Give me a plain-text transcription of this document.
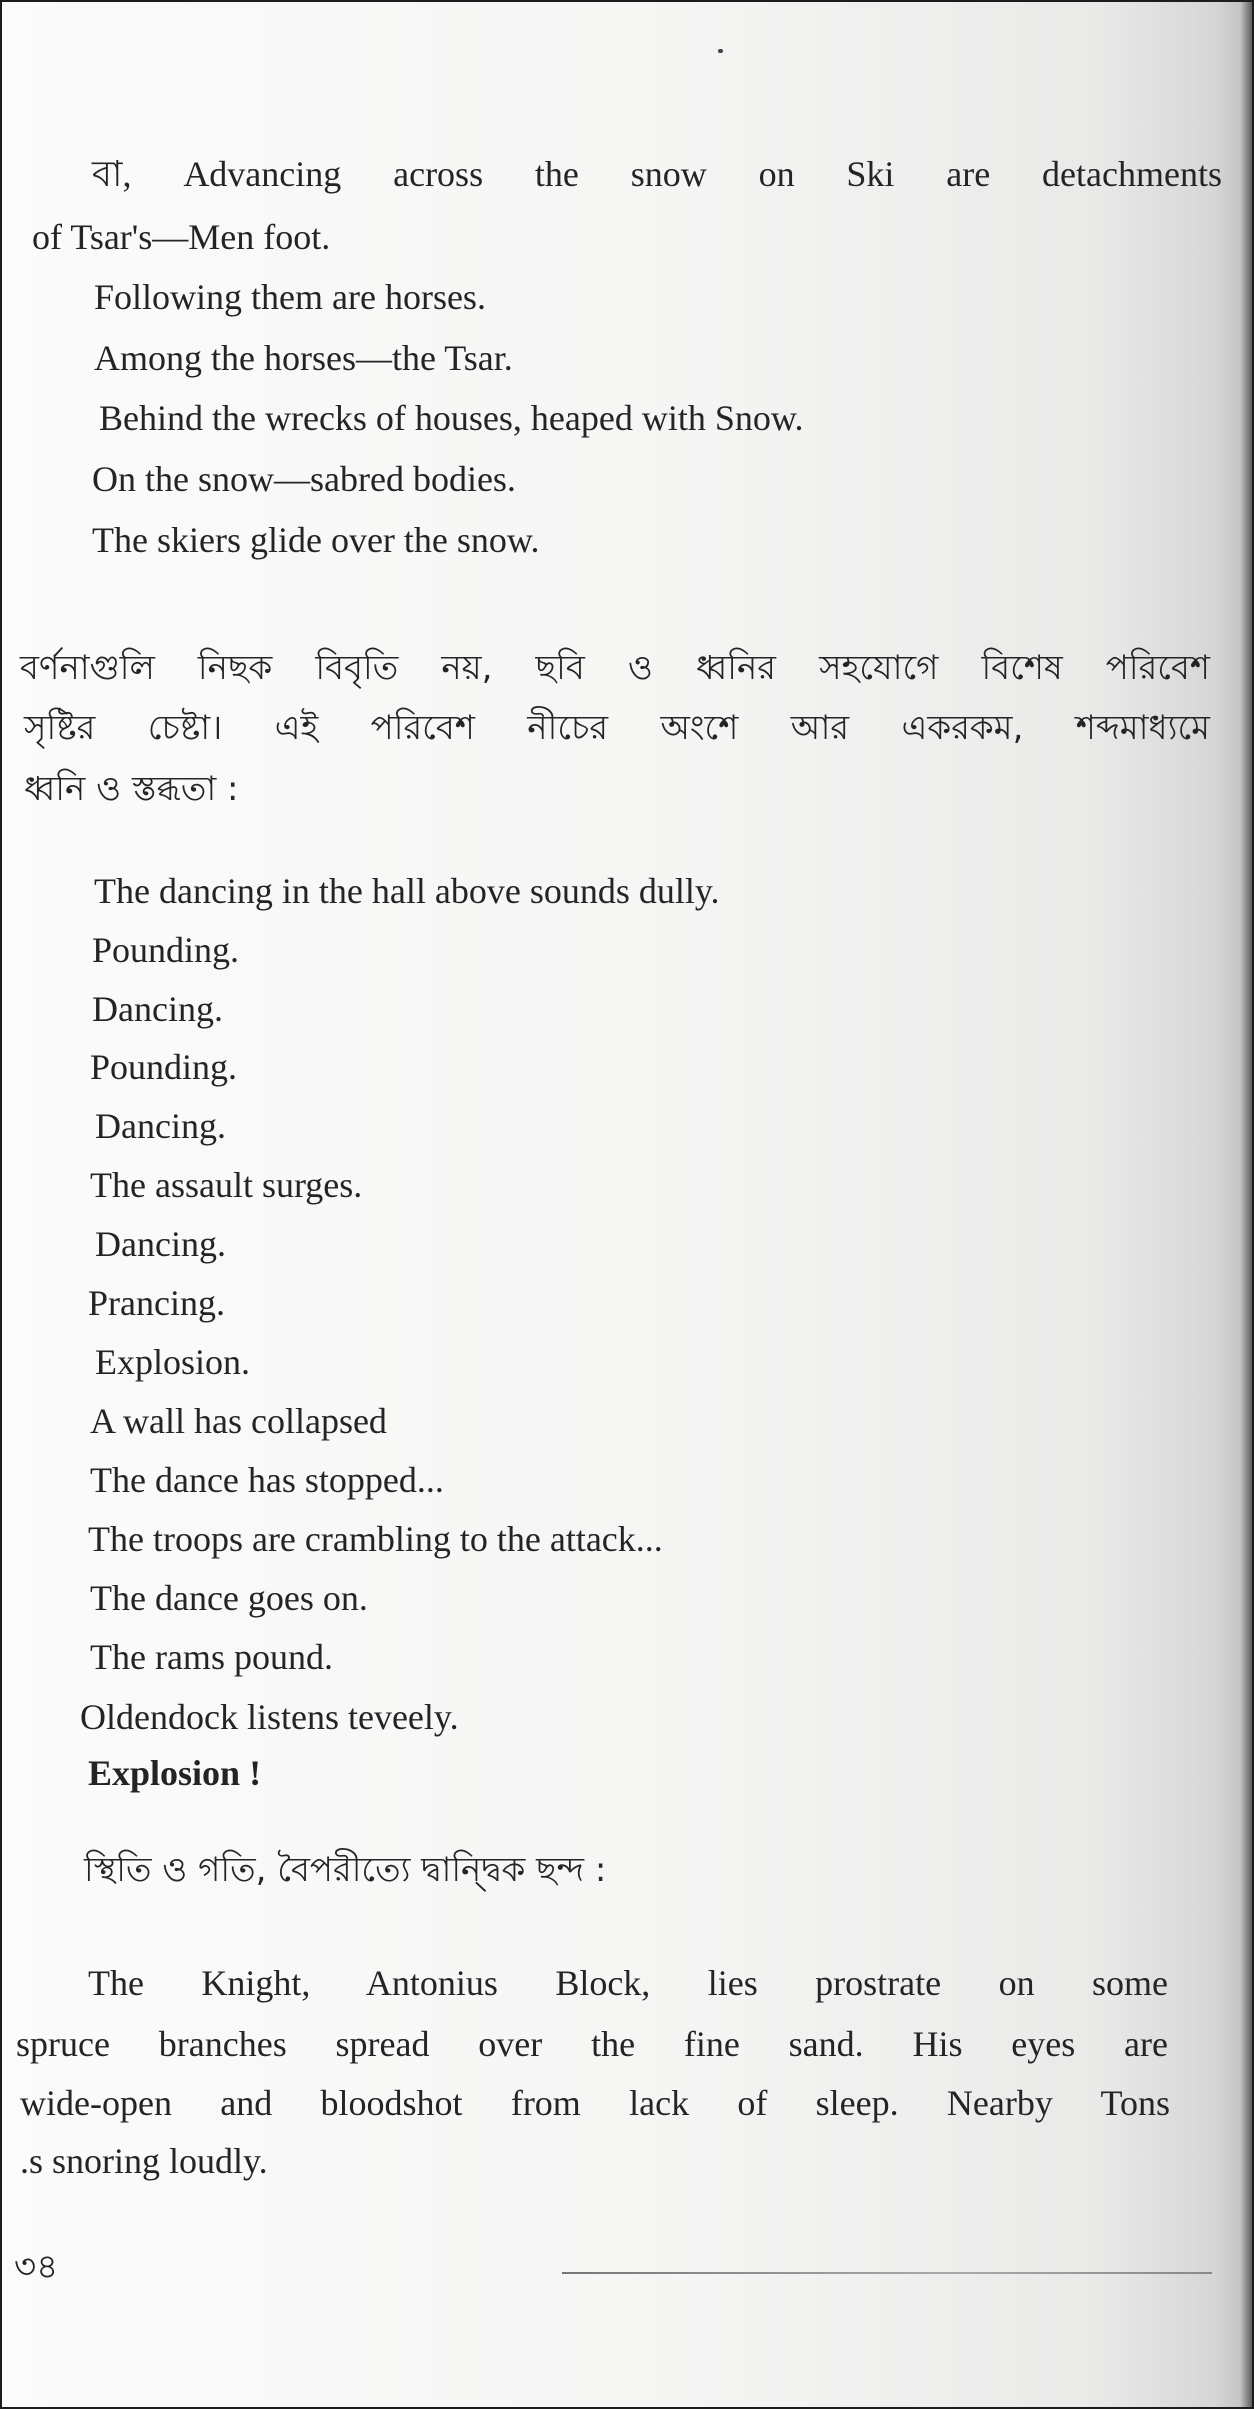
বা, Advancing across the snow on Ski are detachments

of Tsar's—Men foot.

Following them are horses.

Among the horses—the Tsar.

Behind the wrecks of houses, heaped with Snow.

On the snow—sabred bodies.

The skiers glide over the snow.

বর্ণনাগুলি নিছক বিবৃতি নয়, ছবি ও ধ্বনির সহযোগে বিশেষ পরিবেশ

সৃষ্টির চেষ্টা। এই পরিবেশ নীচের অংশে আর একরকম, শব্দমাধ্যমে

ধ্বনি ও স্তব্ধতা :

The dancing in the hall above sounds dully.

Pounding.

Dancing.

Pounding.

Dancing.

The assault surges.

Dancing.

Prancing.

Explosion.

A wall has collapsed

The dance has stopped...

The troops are crambling to the attack...

The dance goes on.

The rams pound.

Oldendock listens teveely.

Explosion !

স্থিতি ও গতি, বৈপরীত্যে দ্বান্দ্বিক ছন্দ :

The Knight, Antonius Block, lies prostrate on some

spruce branches spread over the fine sand. His eyes are

wide-open and bloodshot from lack of sleep. Nearby Tons

.s snoring loudly.

৩৪
